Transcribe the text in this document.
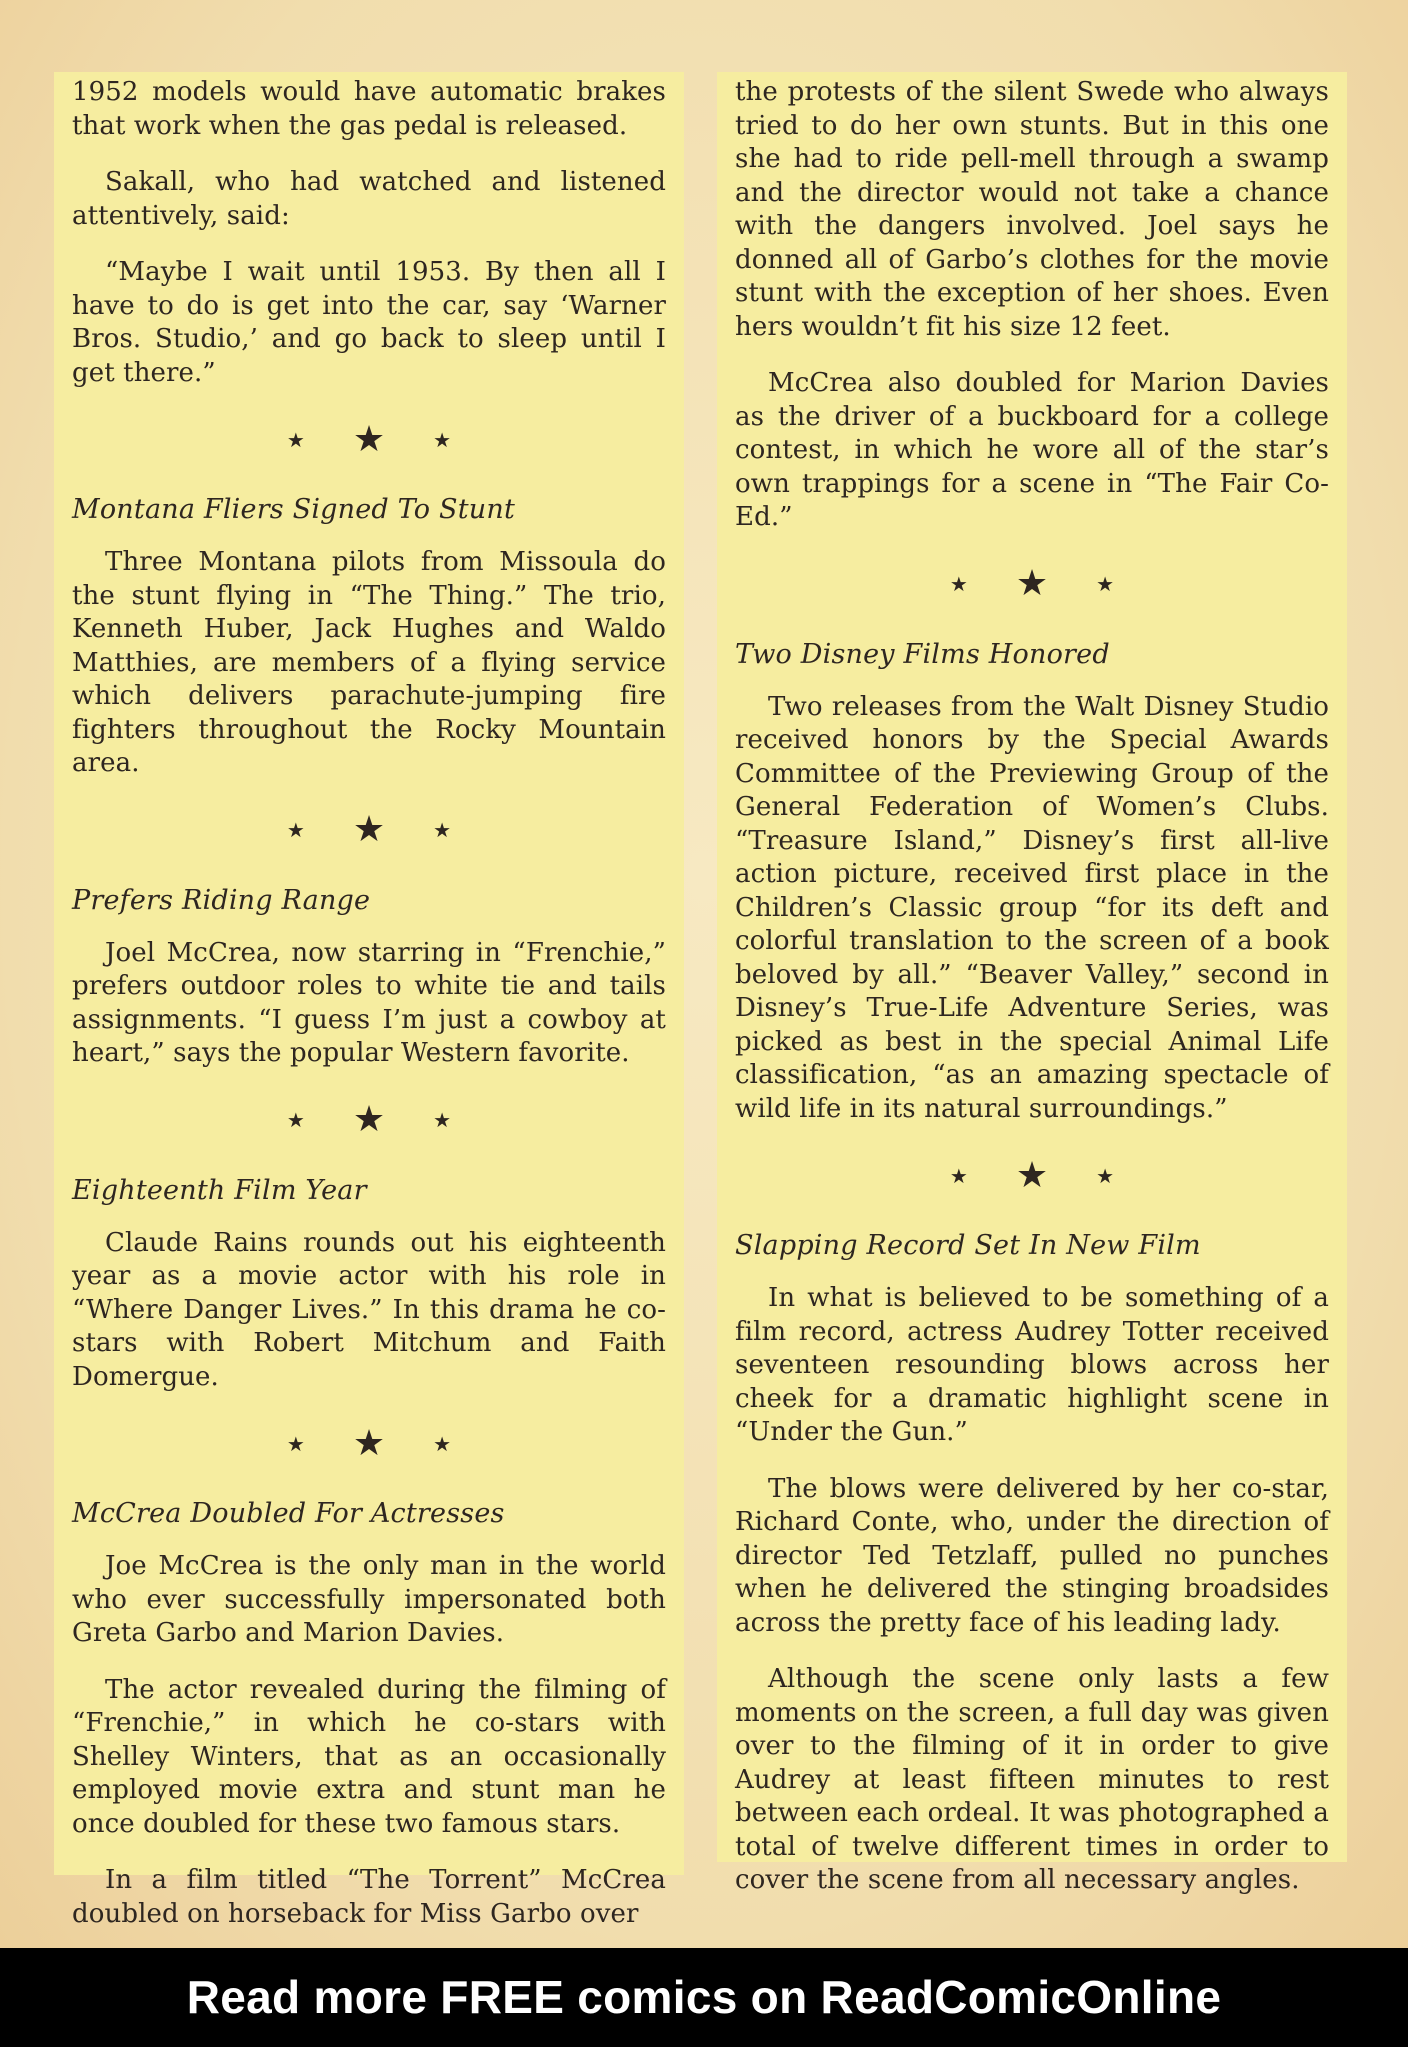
1952 models would have automatic brakes that work when the gas pedal is released.

Sakall, who had watched and listened attentively, said:

“Maybe I wait until 1953. By then all I have to do is get into the car, say ‘Warner Bros. Studio,’ and go back to sleep until I get there.”

★ ★ ★
Montana Fliers Signed To Stunt

Three Montana pilots from Missoula do the stunt flying in “The Thing.” The trio, Kenneth Huber, Jack Hughes and Waldo Matthies, are members of a flying service which delivers parachute-jumping fire fighters throughout the Rocky Mountain area.

★ ★ ★
Prefers Riding Range

Joel McCrea, now starring in “Frenchie,” prefers outdoor roles to white tie and tails assignments. “I guess I’m just a cowboy at heart,” says the popular Western favorite.

★ ★ ★
Eighteenth Film Year

Claude Rains rounds out his eighteenth year as a movie actor with his role in “Where Danger Lives.” In this drama he co-stars with Robert Mitchum and Faith Domergue.

★ ★ ★
McCrea Doubled For Actresses

Joe McCrea is the only man in the world who ever successfully impersonated both Greta Garbo and Marion Davies.

The actor revealed during the filming of “Frenchie,” in which he co-stars with Shelley Winters, that as an occasionally employed movie extra and stunt man he once doubled for these two famous stars.

In a film titled “The Torrent” McCrea doubled on horseback for Miss Garbo over

the protests of the silent Swede who always tried to do her own stunts. But in this one she had to ride pell-mell through a swamp and the director would not take a chance with the dangers involved. Joel says he donned all of Garbo’s clothes for the movie stunt with the exception of her shoes. Even hers wouldn’t fit his size 12 feet.

McCrea also doubled for Marion Davies as the driver of a buckboard for a college contest, in which he wore all of the star’s own trappings for a scene in “The Fair Co-Ed.”

★ ★ ★
Two Disney Films Honored

Two releases from the Walt Disney Studio received honors by the Special Awards Committee of the Previewing Group of the General Federation of Women’s Clubs. “Treasure Island,” Disney’s first all-live action picture, received first place in the Children’s Classic group “for its deft and colorful translation to the screen of a book beloved by all.” “Beaver Valley,” second in Disney’s True-Life Adventure Series, was picked as best in the special Animal Life classification, “as an amazing spectacle of wild life in its natural surroundings.”

★ ★ ★
Slapping Record Set In New Film

In what is believed to be something of a film record, actress Audrey Totter received seventeen resounding blows across her cheek for a dramatic highlight scene in “Under the Gun.”

The blows were delivered by her co-star, Richard Conte, who, under the direction of director Ted Tetzlaff, pulled no punches when he delivered the stinging broadsides across the pretty face of his leading lady.

Although the scene only lasts a few moments on the screen, a full day was given over to the filming of it in order to give Audrey at least fifteen minutes to rest between each ordeal. It was photographed a total of twelve different times in order to cover the scene from all necessary angles.

Read more FREE comics on ReadComicOnline
